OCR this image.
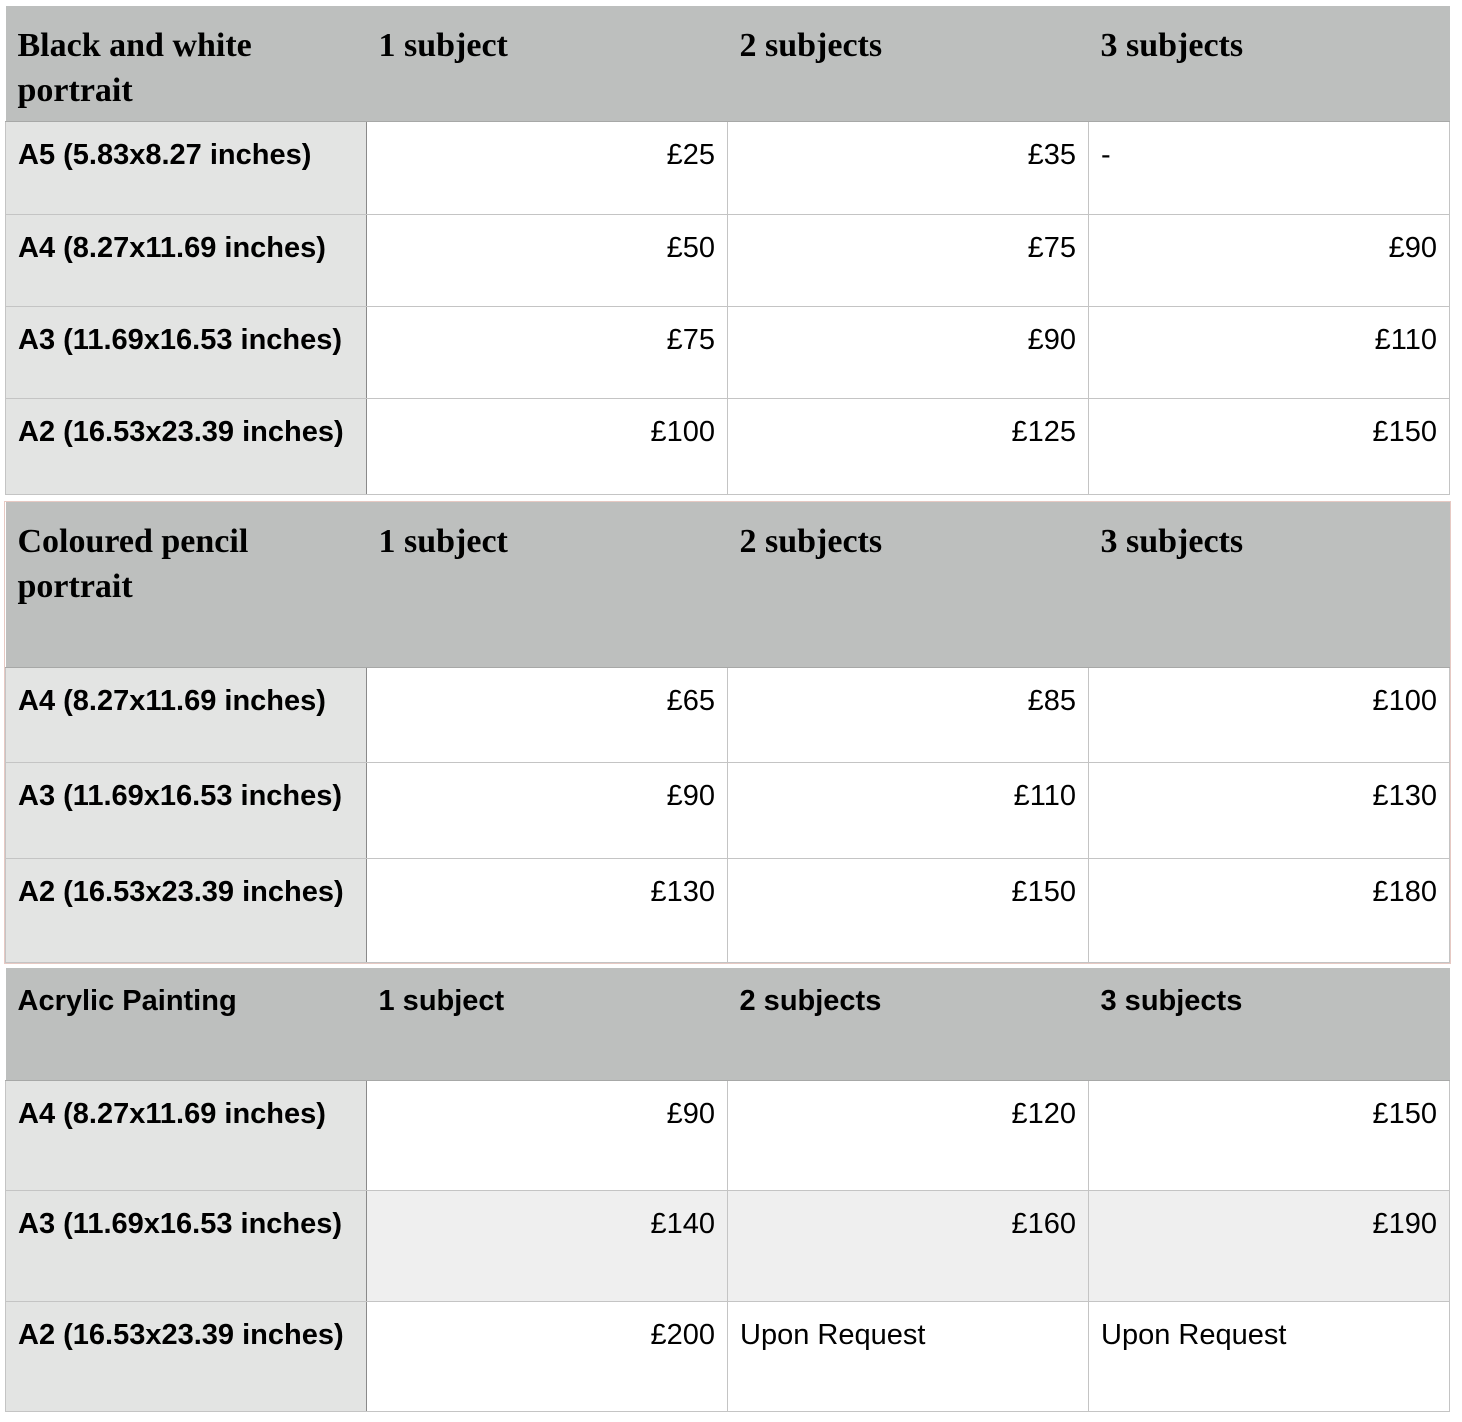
Black and white portrait	1 subject	2 subjects	3 subjects
A5 (5.83x8.27 inches)	£25	£35	-
A4 (8.27x11.69 inches)	£50	£75	£90
A3 (11.69x16.53 inches)	£75	£90	£110
A2 (16.53x23.39 inches)	£100	£125	£150
Coloured pencil portrait	1 subject	2 subjects	3 subjects
A4 (8.27x11.69 inches)	£65	£85	£100
A3 (11.69x16.53 inches)	£90	£110	£130
A2 (16.53x23.39 inches)	£130	£150	£180
Acrylic Painting	1 subject	2 subjects	3 subjects
A4 (8.27x11.69 inches)	£90	£120	£150
A3 (11.69x16.53 inches)	£140	£160	£190
A2 (16.53x23.39 inches)	£200	Upon Request	Upon Request
